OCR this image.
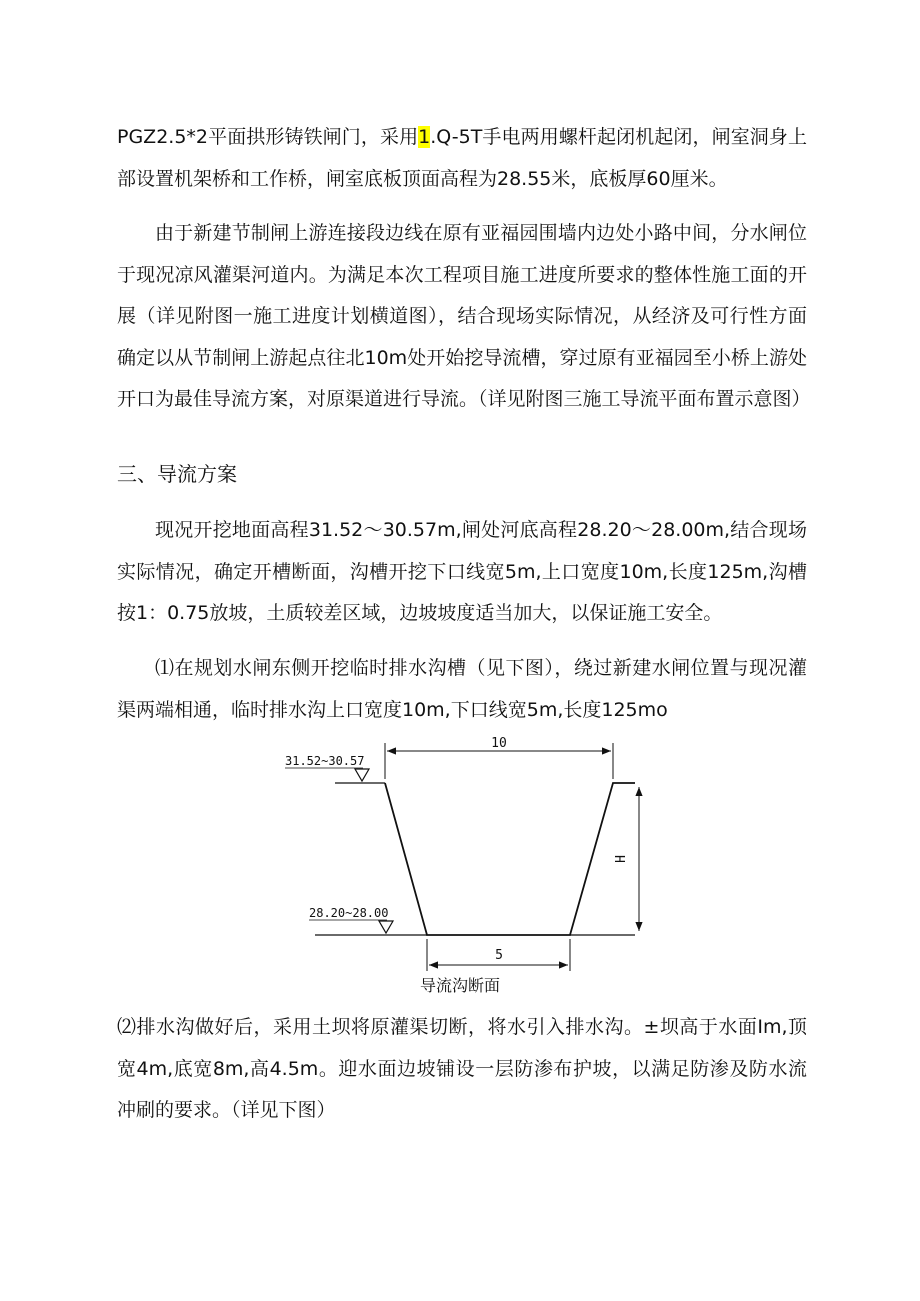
PGZ2.5*2平面拱形铸铁闸门，采用1.Q-5T手电两用螺杆起闭机起闭，闸室洞身上部设置机架桥和工作桥，闸室底板顶面高程为28.55米，底板厚60厘米。

由于新建节制闸上游连接段边线在原有亚福园围墙内边处小路中间，分水闸位于现况凉风灌渠河道内。为满足本次工程项目施工进度所要求的整体性施工面的开展（详见附图一施工进度计划横道图），结合现场实际情况，从经济及可行性方面确定以从节制闸上游起点往北10m处开始挖导流槽，穿过原有亚福园至小桥上游处开口为最佳导流方案，对原渠道进行导流。（详见附图三施工导流平面布置示意图）

三、导流方案

现况开挖地面高程31.52～30.57m,闸处河底高程28.20～28.00m,结合现场实际情况，确定开槽断面，沟槽开挖下口线宽5m,上口宽度10m,长度125m,沟槽按1：0.75放坡，土质较差区域，边坡坡度适当加大，以保证施工安全。

⑴在规划水闸东侧开挖临时排水沟槽（见下图），绕过新建水闸位置与现况灌渠两端相通，临时排水沟上口宽度10m,下口线宽5m,长度125mo

31.52~30.57
28.20~28.00
10
H
5
导流沟断面

⑵排水沟做好后，采用土坝将原灌渠切断，将水引入排水沟。±坝高于水面Im,顶宽4m,底宽8m,高4.5m。迎水面边坡铺设一层防渗布护坡，以满足防渗及防水流冲刷的要求。（详见下图）
